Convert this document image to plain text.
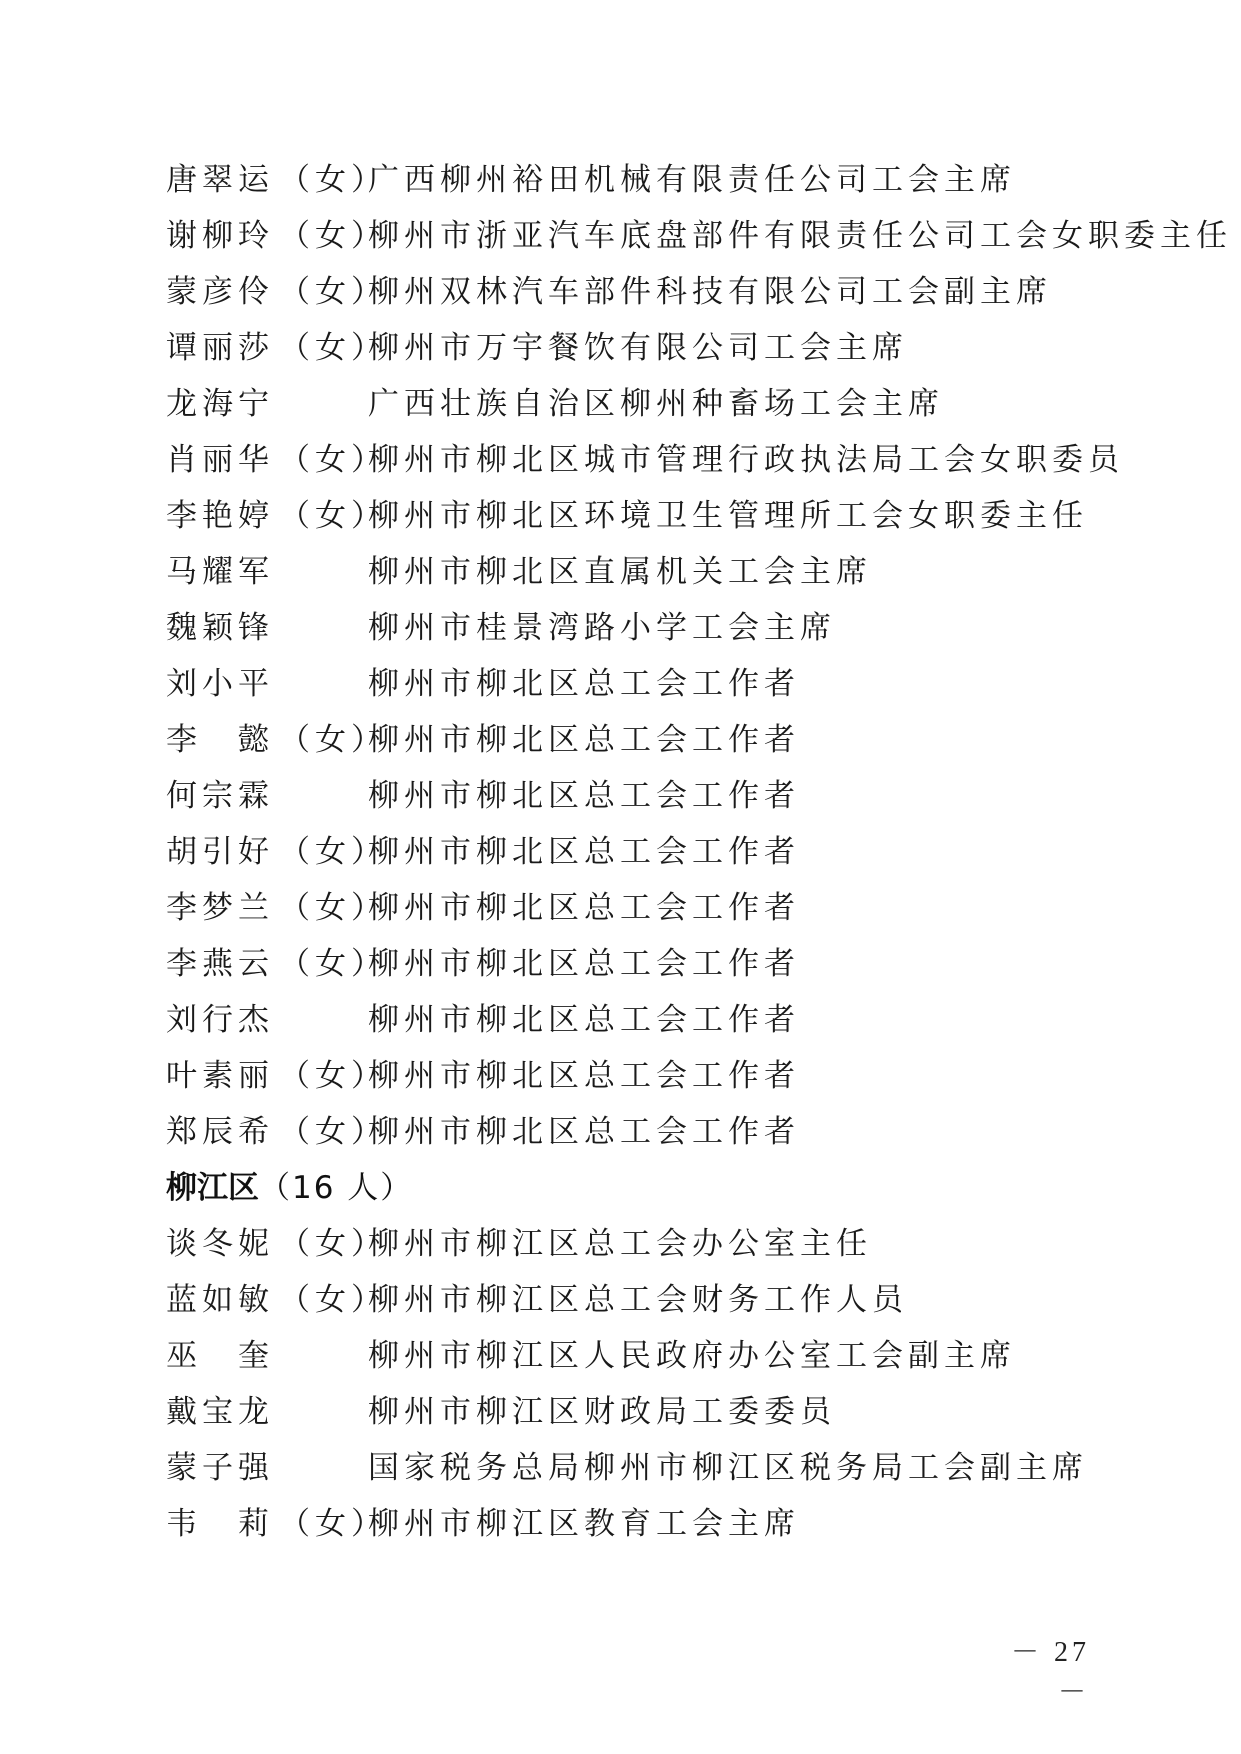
唐翠运 （女）广西柳州裕田机械有限责任公司工会主席
谢柳玲 （女）柳州市浙亚汽车底盘部件有限责任公司工会女职委主任
蒙彦伶 （女）柳州双林汽车部件科技有限公司工会副主席
谭丽莎 （女）柳州市万宇餐饮有限公司工会主席
龙海宁	广西壮族自治区柳州种畜场工会主席
肖丽华 （女）柳州市柳北区城市管理行政执法局工会女职委员
李艳婷 （女）柳州市柳北区环境卫生管理所工会女职委主任
马耀军	柳州市柳北区直属机关工会主席
魏颖锋	柳州市桂景湾路小学工会主席
刘小平	柳州市柳北区总工会工作者
李　懿 （女）柳州市柳北区总工会工作者
何宗霖	柳州市柳北区总工会工作者
胡引好 （女）柳州市柳北区总工会工作者
李梦兰 （女）柳州市柳北区总工会工作者
李燕云 （女）柳州市柳北区总工会工作者
刘行杰	柳州市柳北区总工会工作者
叶素丽 （女）柳州市柳北区总工会工作者
郑辰希 （女）柳州市柳北区总工会工作者
柳江区（16 人）
谈冬妮 （女）柳州市柳江区总工会办公室主任
蓝如敏 （女）柳州市柳江区总工会财务工作人员
巫　奎	柳州市柳江区人民政府办公室工会副主席
戴宝龙	柳州市柳江区财政局工委委员
蒙子强	国家税务总局柳州市柳江区税务局工会副主席
韦　莉 （女）柳州市柳江区教育工会主席
－ 27 －
